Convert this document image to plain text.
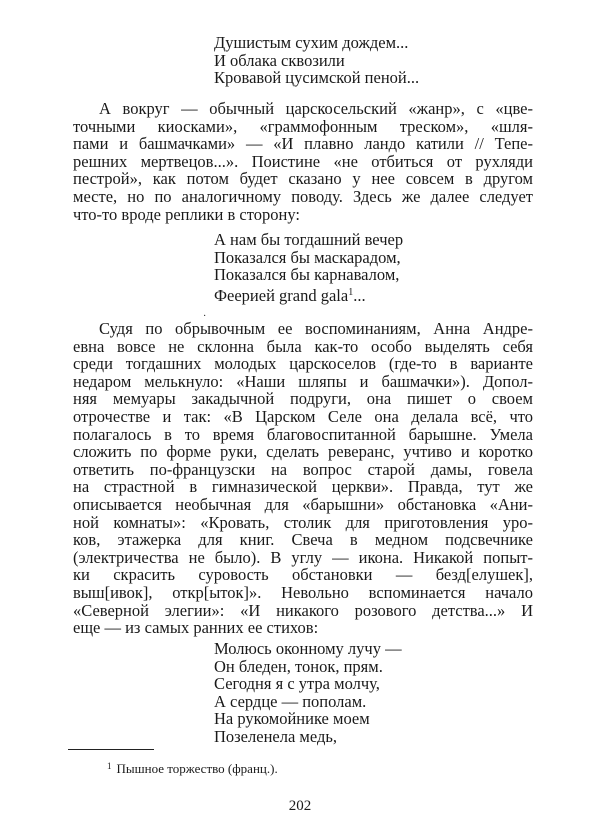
Душистым сухим дождем...
И облака сквозили
Кровавой цусимской пеной...
А вокруг — обычный царскосельский «жанр», с «цве-
точными киосками», «граммофонным треском», «шля-
пами и башмачками» — «И плавно ландо катили // Тепе-
решних мертвецов...». Поистине «не отбиться от рухляди
пестрой», как потом будет сказано у нее совсем в другом
месте, но по аналогичному поводу. Здесь же далее следует
что-то вроде реплики в сторону:
А нам бы тогдашний вечер
Показался бы маскарадом,
Показался бы карнавалом,
Феерией grand gala$^1$...
·
Судя по обрывочным ее воспоминаниям, Анна Андре-
евна вовсе не склонна была как-то особо выделять себя
среди тогдашних молодых царскоселов (где-то в варианте
недаром мелькнуло: «Наши шляпы и башмачки»). Допол-
няя мемуары закадычной подруги, она пишет о своем
отрочестве и так: «В Царском Селе она делала всё, что
полагалось в то время благовоспитанной барышне. Умела
сложить по форме руки, сделать реверанс, учтиво и коротко
ответить по-французски на вопрос старой дамы, говела
на страстной в гимназической церкви». Правда, тут же
описывается необычная для «барышни» обстановка «Ани-
ной комнаты»: «Кровать, столик для приготовления уро-
ков, этажерка для книг. Свеча в медном подсвечнике
(электричества не было). В углу — икона. Никакой попыт-
ки скрасить суровость обстановки — безд[елушек],
выш[ивок], откр[ыток]». Невольно вспоминается начало
«Северной элегии»: «И никакого розового детства...» И
еще — из самых ранних ее стихов:
Молюсь оконному лучу —
Он бледен, тонок, прям.
Сегодня я с утра молчу,
А сердце — пополам.
На рукомойнике моем
Позеленела медь,
$^1$ Пышное торжество (франц.).
202
